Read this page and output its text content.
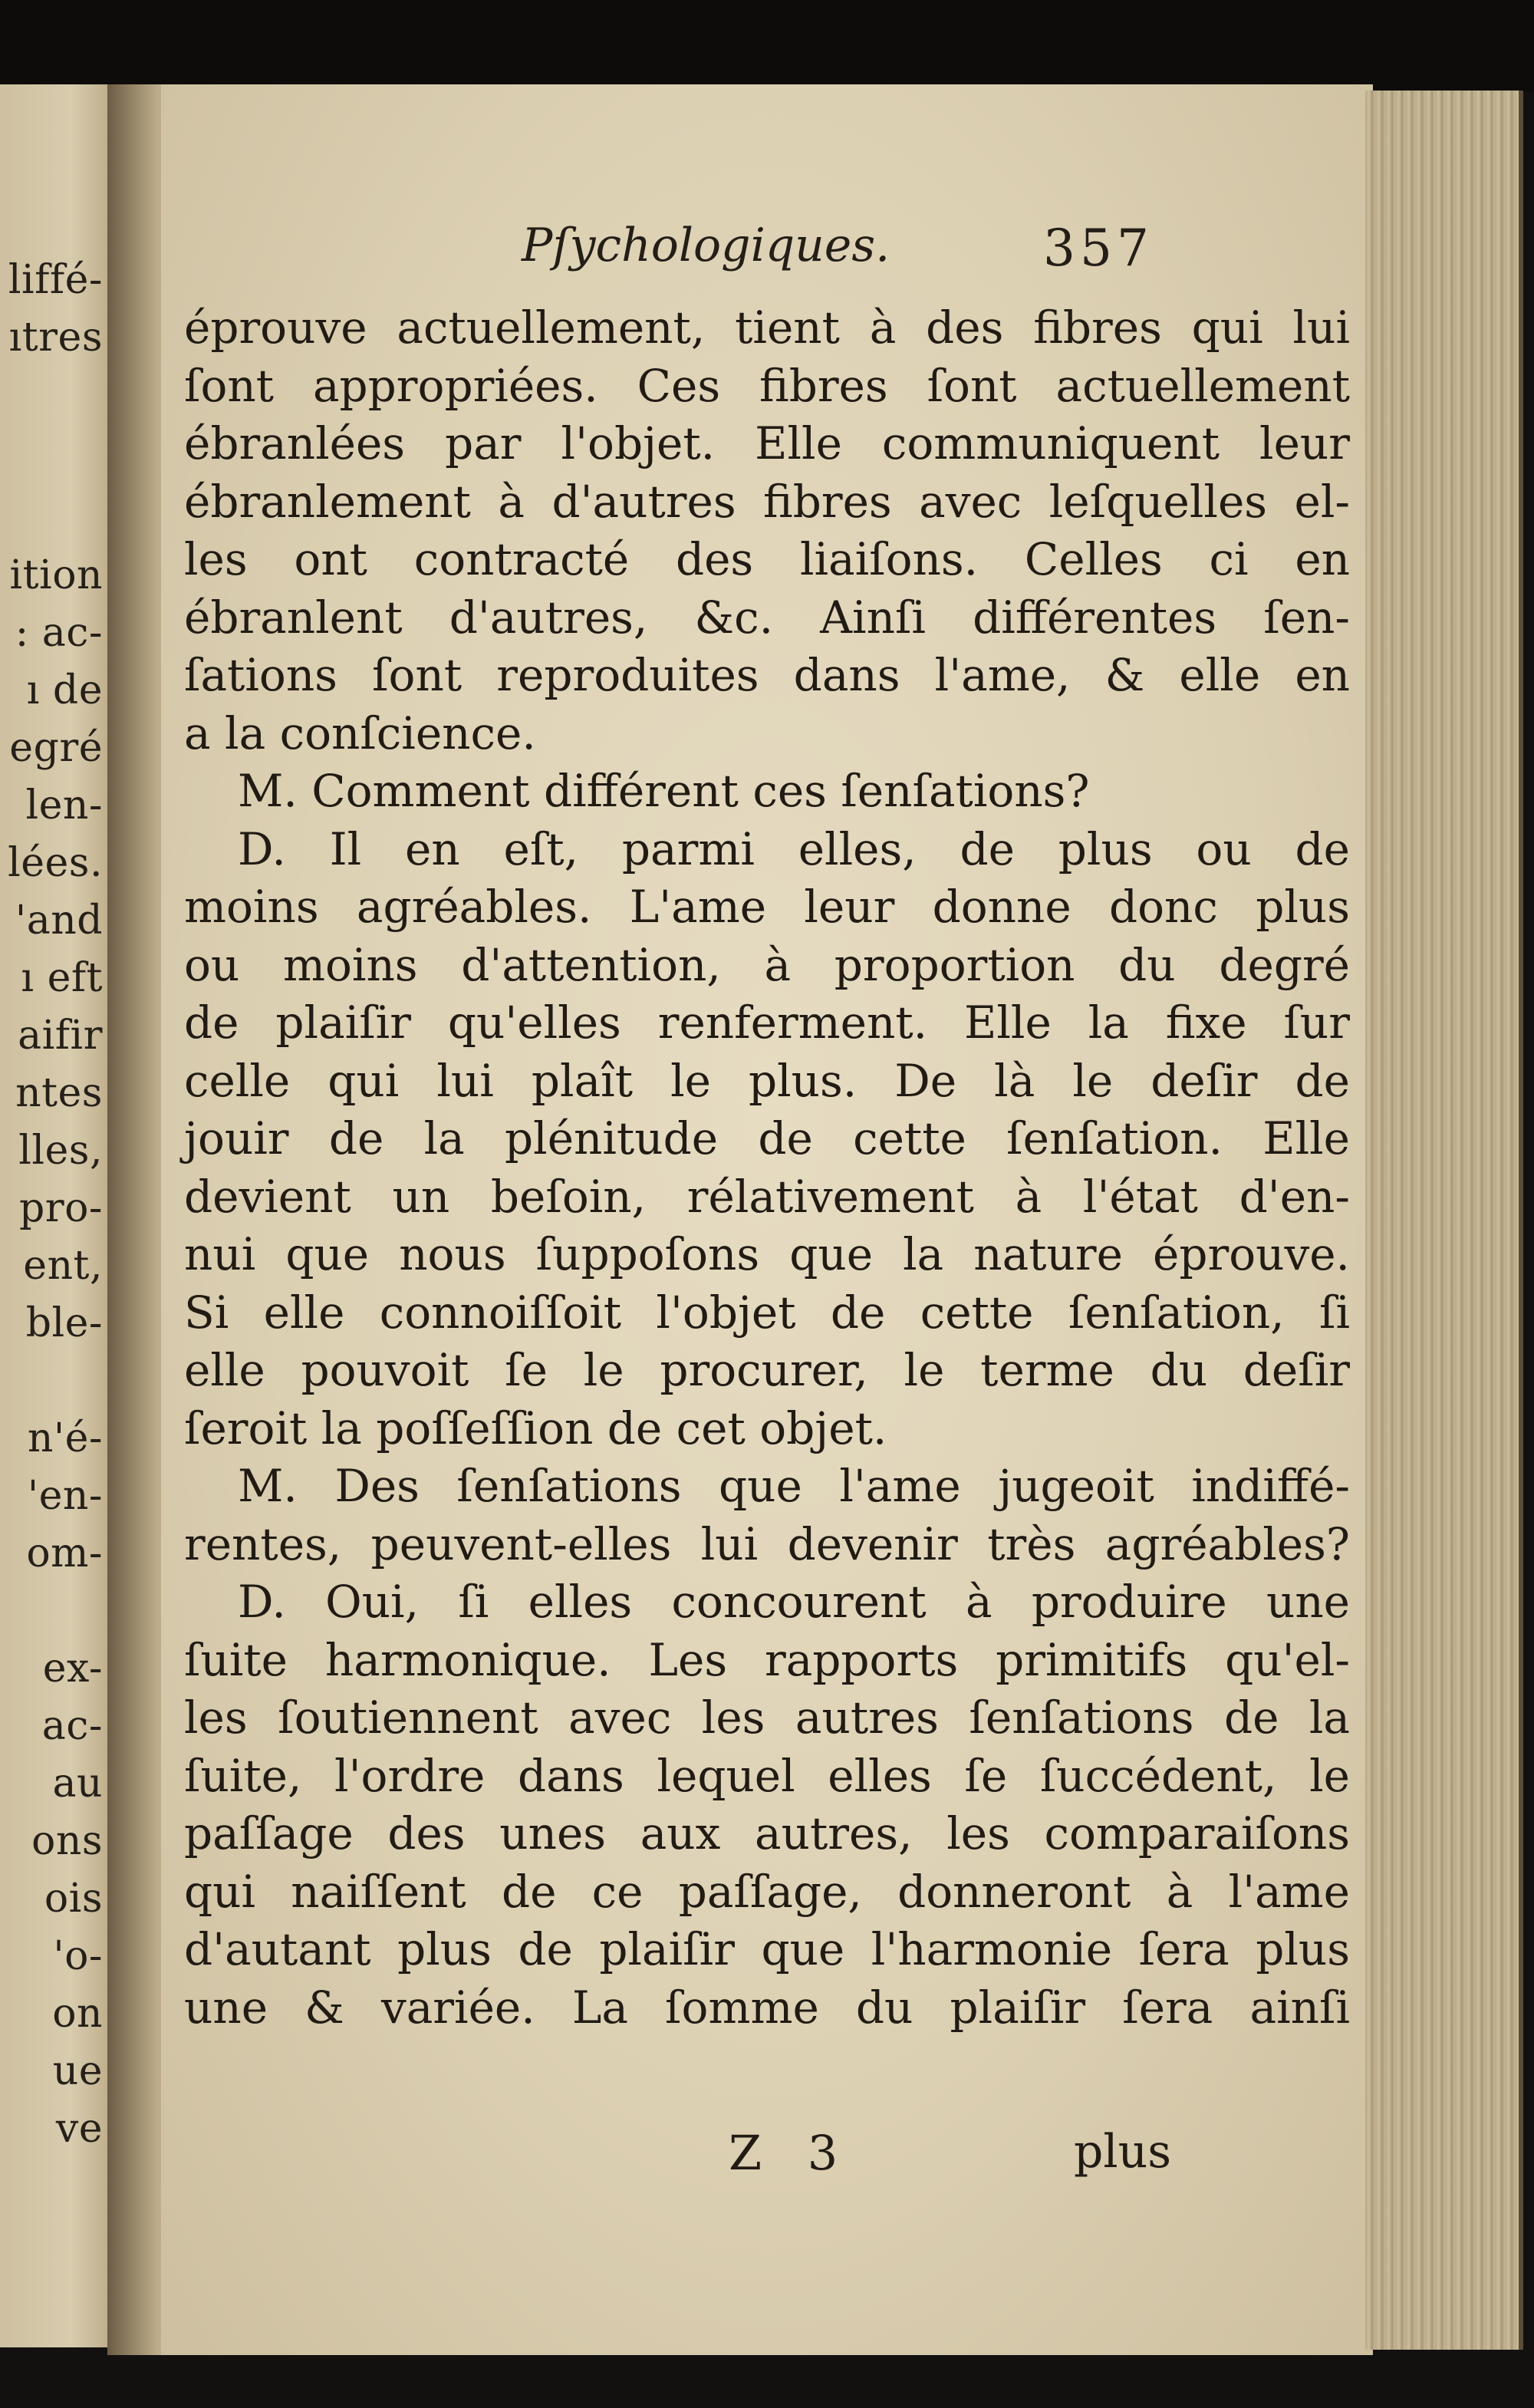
liffé-
ıtres
ition
: ac-
ı de
egré
len-
lées.
'and
ı eft
aifir
ntes
lles,
pro-
ent,
ble-
n'é-
'en-
om-
ex-
ac-
au
ons
ois
'o-
on
ue
ve
Pſychologiques.	357
éprouve actuellement, tient à des fibres qui lui
ſont appropriées. Ces fibres ſont actuellement
ébranlées par l'objet. Elle communiquent leur
ébranlement à d'autres fibres avec leſquelles el-
les ont contracté des liaiſons. Celles ci en
ébranlent d'autres, &c. Ainſi différentes ſen-
ſations ſont reproduites dans l'ame, & elle en
a la conſcience.
M. Comment différent ces ſenſations?
D. Il en eſt, parmi elles, de plus ou de
moins agréables. L'ame leur donne donc plus
ou moins d'attention, à proportion du degré
de plaiſir qu'elles renferment. Elle la fixe ſur
celle qui lui plaît le plus. De là le deſir de
jouir de la plénitude de cette ſenſation. Elle
devient un beſoin, rélativement à l'état d'en-
nui que nous ſuppoſons que la nature éprouve.
Si elle connoiſſoit l'objet de cette ſenſation, ſi
elle pouvoit ſe le procurer, le terme du deſir
ſeroit la poſſeſſion de cet objet.
M. Des ſenſations que l'ame jugeoit indiffé-
rentes, peuvent-elles lui devenir très agréables?
D. Oui, ſi elles concourent à produire une
ſuite harmonique. Les rapports primitifs qu'el-
les ſoutiennent avec les autres ſenſations de la
ſuite, l'ordre dans lequel elles ſe ſuccédent, le
paſſage des unes aux autres, les comparaiſons
qui naiſſent de ce paſſage, donneront à l'ame
d'autant plus de plaiſir que l'harmonie ſera plus
une & variée. La ſomme du plaiſir ſera ainſi
Z 3	plus
